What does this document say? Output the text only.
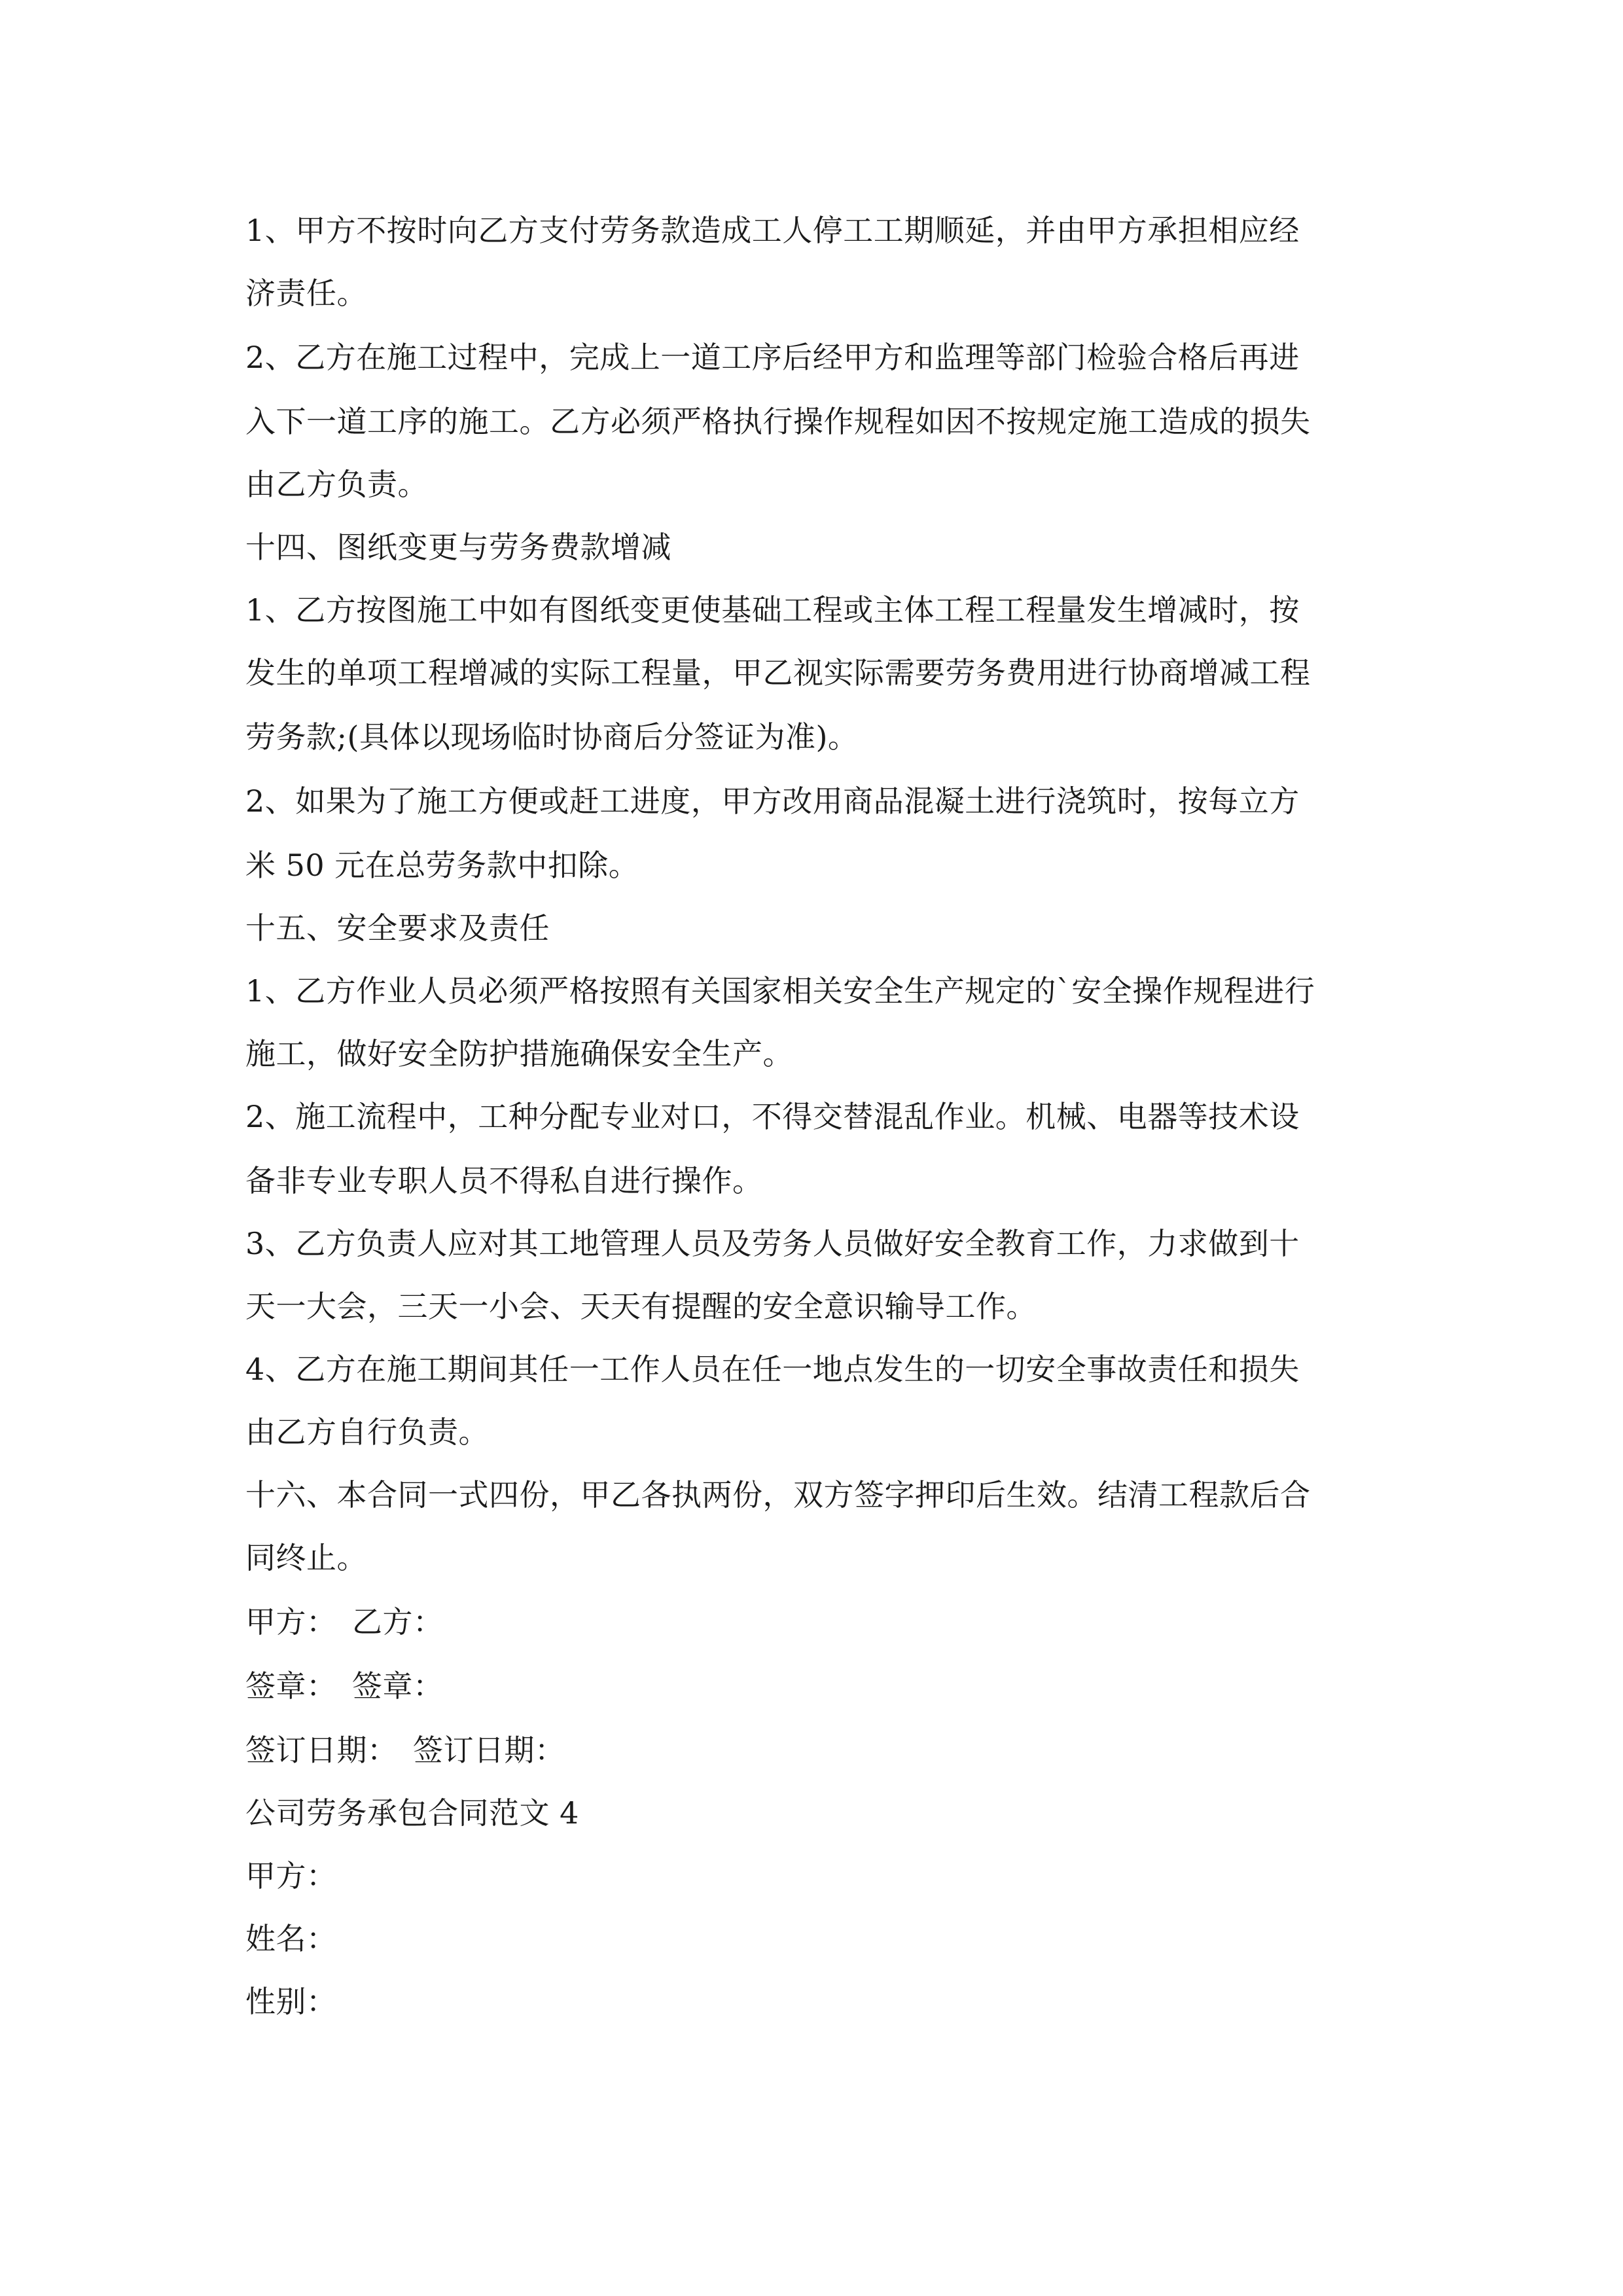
1、甲方不按时向乙方支付劳务款造成工人停工工期顺延，并由甲方承担相应经
济责任。
2、乙方在施工过程中，完成上一道工序后经甲方和监理等部门检验合格后再进
入下一道工序的施工。乙方必须严格执行操作规程如因不按规定施工造成的损失
由乙方负责。
十四、图纸变更与劳务费款增减
1、乙方按图施工中如有图纸变更使基础工程或主体工程工程量发生增减时，按
发生的单项工程增减的实际工程量，甲乙视实际需要劳务费用进行协商增减工程
劳务款;(具体以现场临时协商后分签证为准)。
2、如果为了施工方便或赶工进度，甲方改用商品混凝土进行浇筑时，按每立方
米 50 元在总劳务款中扣除。
十五、安全要求及责任
1、乙方作业人员必须严格按照有关国家相关安全生产规定的`安全操作规程进行
施工，做好安全防护措施确保安全生产。
2、施工流程中，工种分配专业对口，不得交替混乱作业。机械、电器等技术设
备非专业专职人员不得私自进行操作。
3、乙方负责人应对其工地管理人员及劳务人员做好安全教育工作，力求做到十
天一大会，三天一小会、天天有提醒的安全意识输导工作。
4、乙方在施工期间其任一工作人员在任一地点发生的一切安全事故责任和损失
由乙方自行负责。
十六、本合同一式四份，甲乙各执两份，双方签字押印后生效。结清工程款后合
同终止。
甲方：　乙方：
签章：　签章：
签订日期：　签订日期：
公司劳务承包合同范文 4
甲方：
姓名：
性别：
